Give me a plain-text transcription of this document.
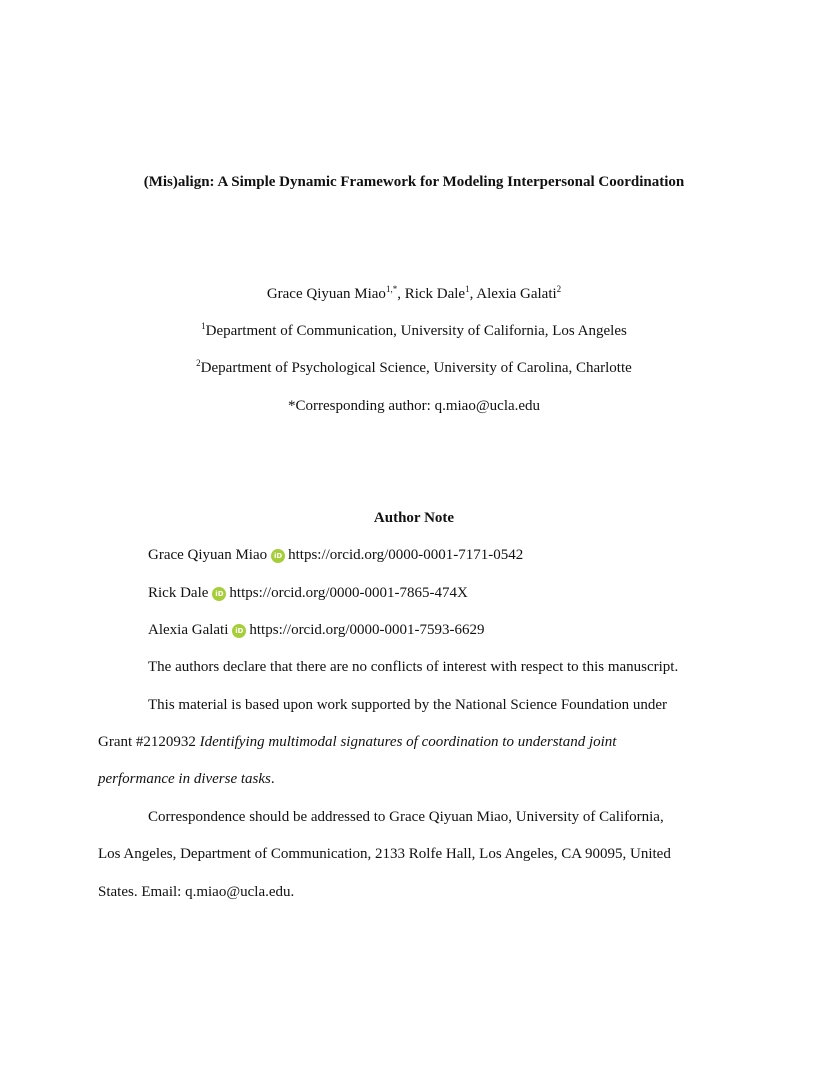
(Mis)align: A Simple Dynamic Framework for Modeling Interpersonal Coordination
Grace Qiyuan Miao$^{1,*}$, Rick Dale$^1$, Alexia Galati$^2$
$^1$Department of Communication, University of California, Los Angeles
$^2$Department of Psychological Science, University of Carolina, Charlotte
*Corresponding author: q.miao@ucla.edu
Author Note
Grace Qiyuan Miao iD https://orcid.org/0000-0001-7171-0542
Rick Dale iD https://orcid.org/0000-0001-7865-474X
Alexia Galati iD https://orcid.org/0000-0001-7593-6629
The authors declare that there are no conflicts of interest with respect to this manuscript.
This material is based upon work supported by the National Science Foundation under
Grant #2120932 Identifying multimodal signatures of coordination to understand joint
performance in diverse tasks.
Correspondence should be addressed to Grace Qiyuan Miao, University of California,
Los Angeles, Department of Communication, 2133 Rolfe Hall, Los Angeles, CA 90095, United
States. Email: q.miao@ucla.edu.
